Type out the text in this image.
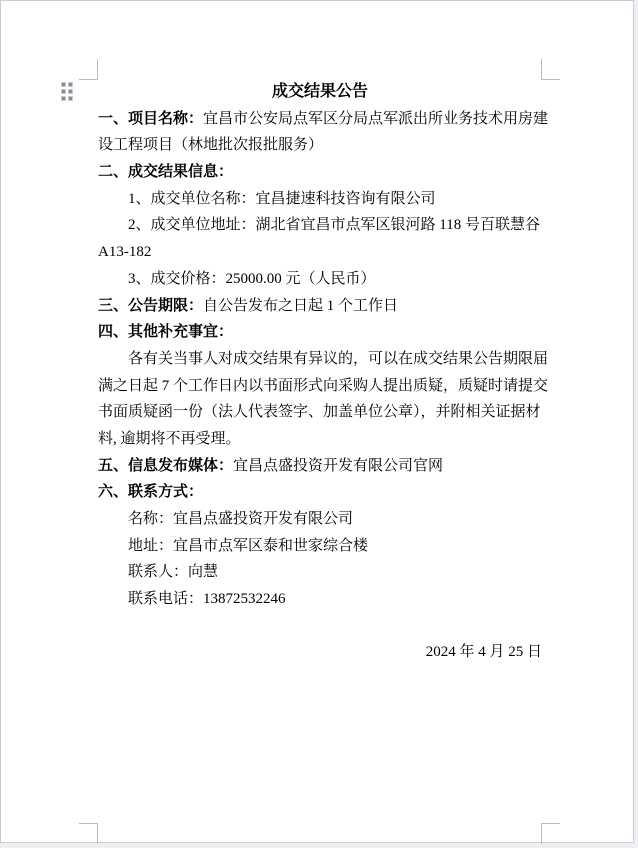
成交结果公告
一、项目名称：宜昌市公安局点军区分局点军派出所业务技术用房建
设工程项目（林地批次报批服务）
二、成交结果信息：
1、成交单位名称：宜昌捷速科技咨询有限公司
2、成交单位地址：湖北省宜昌市点军区银河路 118 号百联慧谷
A13-182
3、成交价格：25000.00 元（人民币）
三、公告期限：自公告发布之日起 1 个工作日
四、其他补充事宜：
各有关当事人对成交结果有异议的，可以在成交结果公告期限届
满之日起 7 个工作日内以书面形式向采购人提出质疑，质疑时请提交
书面质疑函一份（法人代表签字、加盖单位公章），并附相关证据材
料, 逾期将不再受理。
五、信息发布媒体：宜昌点盛投资开发有限公司官网
六、联系方式：
名称：宜昌点盛投资开发有限公司
地址：宜昌市点军区泰和世家综合楼
联系人：向慧
联系电话：13872532246
2024 年 4 月 25 日
